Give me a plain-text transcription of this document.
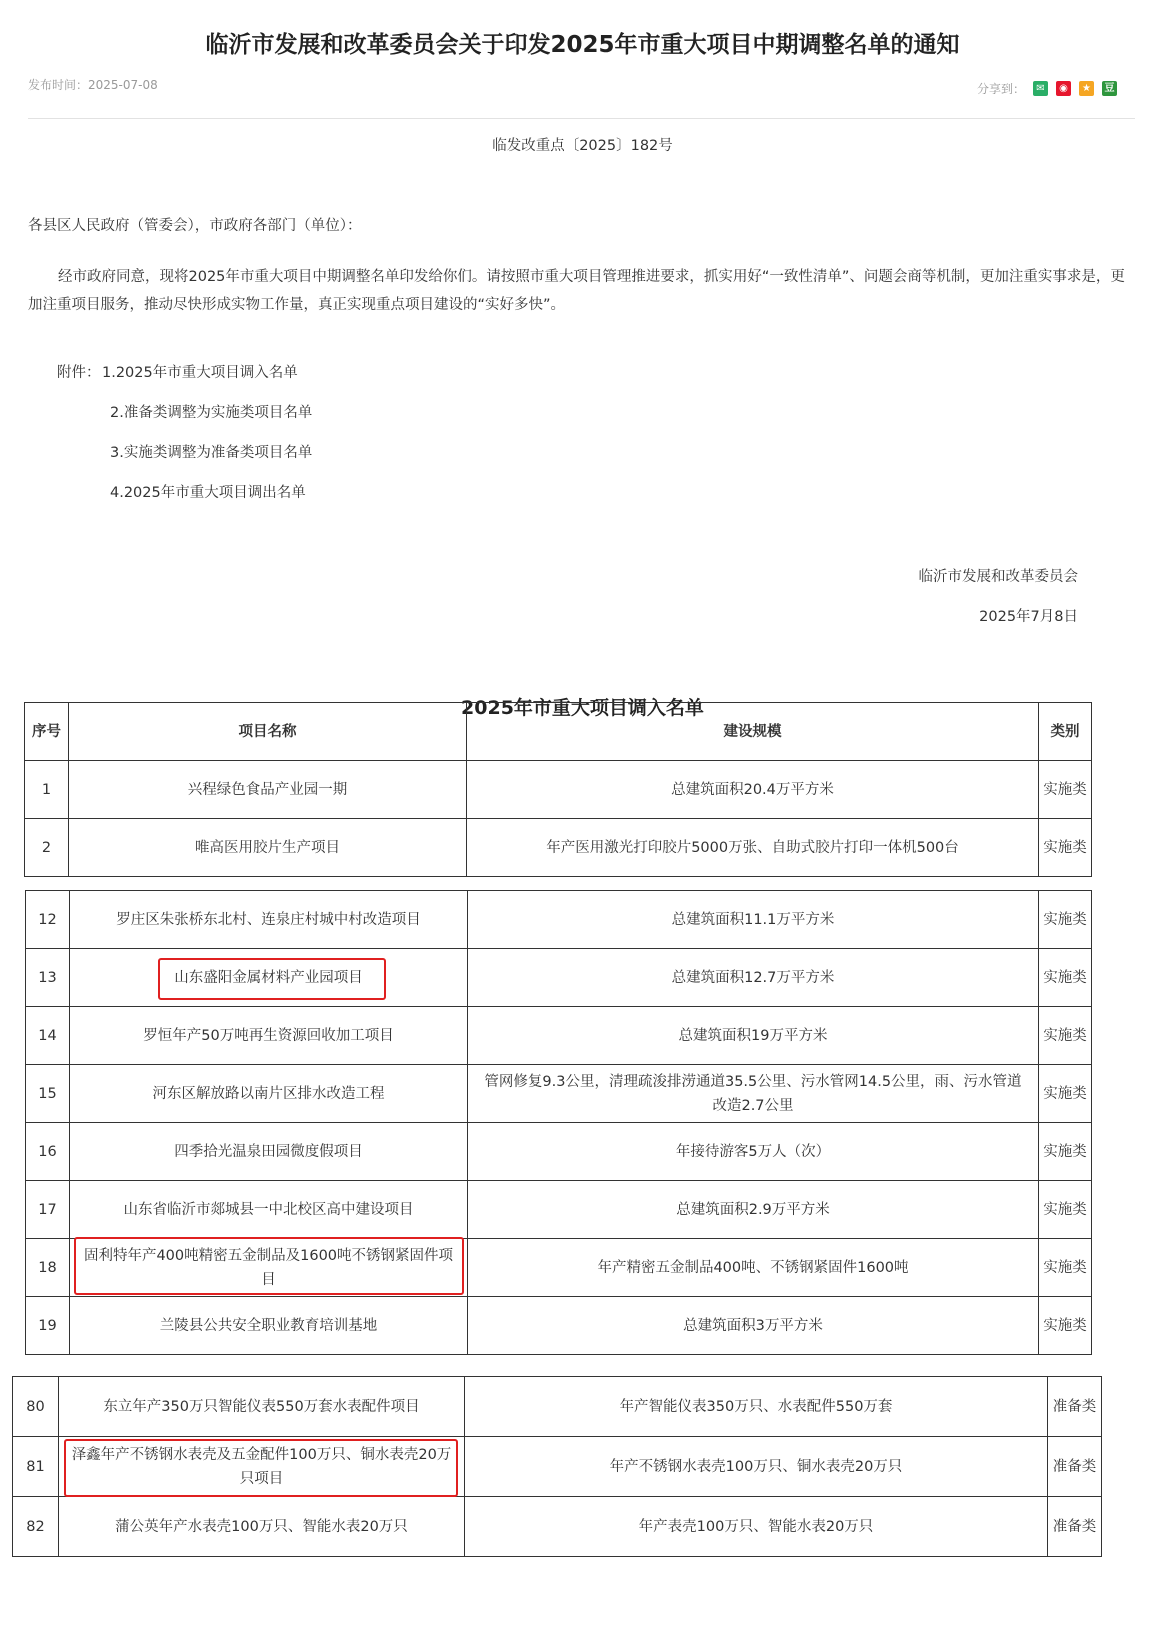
临沂市发展和改革委员会关于印发2025年市重大项目中期调整名单的通知
发布时间：2025-07-08	分享到：	✉	◉	★	豆
临发改重点〔2025〕182号
各县区人民政府（管委会），市政府各部门（单位）：
经市政府同意，现将2025年市重大项目中期调整名单印发给你们。请按照市重大项目管理推进要求，抓实用好“一致性清单”、问题会商等机制，更加注重实事求是，更加注重项目服务，推动尽快形成实物工作量，真正实现重点项目建设的“实好多快”。
附件： 1.2025年市重大项目调入名单
2.准备类调整为实施类项目名单
3.实施类调整为准备类项目名单
4.2025年市重大项目调出名单
临沂市发展和改革委员会
2025年7月8日
2025年市重大项目调入名单
序号	项目名称	建设规模	类别
1	兴程绿色食品产业园一期	总建筑面积20.4万平方米	实施类
2	唯高医用胶片生产项目	年产医用激光打印胶片5000万张、自助式胶片打印一体机500台	实施类
12	罗庄区朱张桥东北村、连泉庄村城中村改造项目	总建筑面积11.1万平方米	实施类
13	山东盛阳金属材料产业园项目	总建筑面积12.7万平方米	实施类
14	罗恒年产50万吨再生资源回收加工项目	总建筑面积19万平方米	实施类
15	河东区解放路以南片区排水改造工程	管网修复9.3公里，清理疏浚排涝通道35.5公里、污水管网14.5公里，雨、污水管道改造2.7公里	实施类
16	四季拾光温泉田园微度假项目	年接待游客5万人（次）	实施类
17	山东省临沂市郯城县一中北校区高中建设项目	总建筑面积2.9万平方米	实施类
18	固利特年产400吨精密五金制品及1600吨不锈钢紧固件项目	年产精密五金制品400吨、不锈钢紧固件1600吨	实施类
19	兰陵县公共安全职业教育培训基地	总建筑面积3万平方米	实施类
80	东立年产350万只智能仪表550万套水表配件项目	年产智能仪表350万只、水表配件550万套	准备类
81	泽鑫年产不锈钢水表壳及五金配件100万只、铜水表壳20万只项目	年产不锈钢水表壳100万只、铜水表壳20万只	准备类
82	蒲公英年产水表壳100万只、智能水表20万只	年产表壳100万只、智能水表20万只	准备类
